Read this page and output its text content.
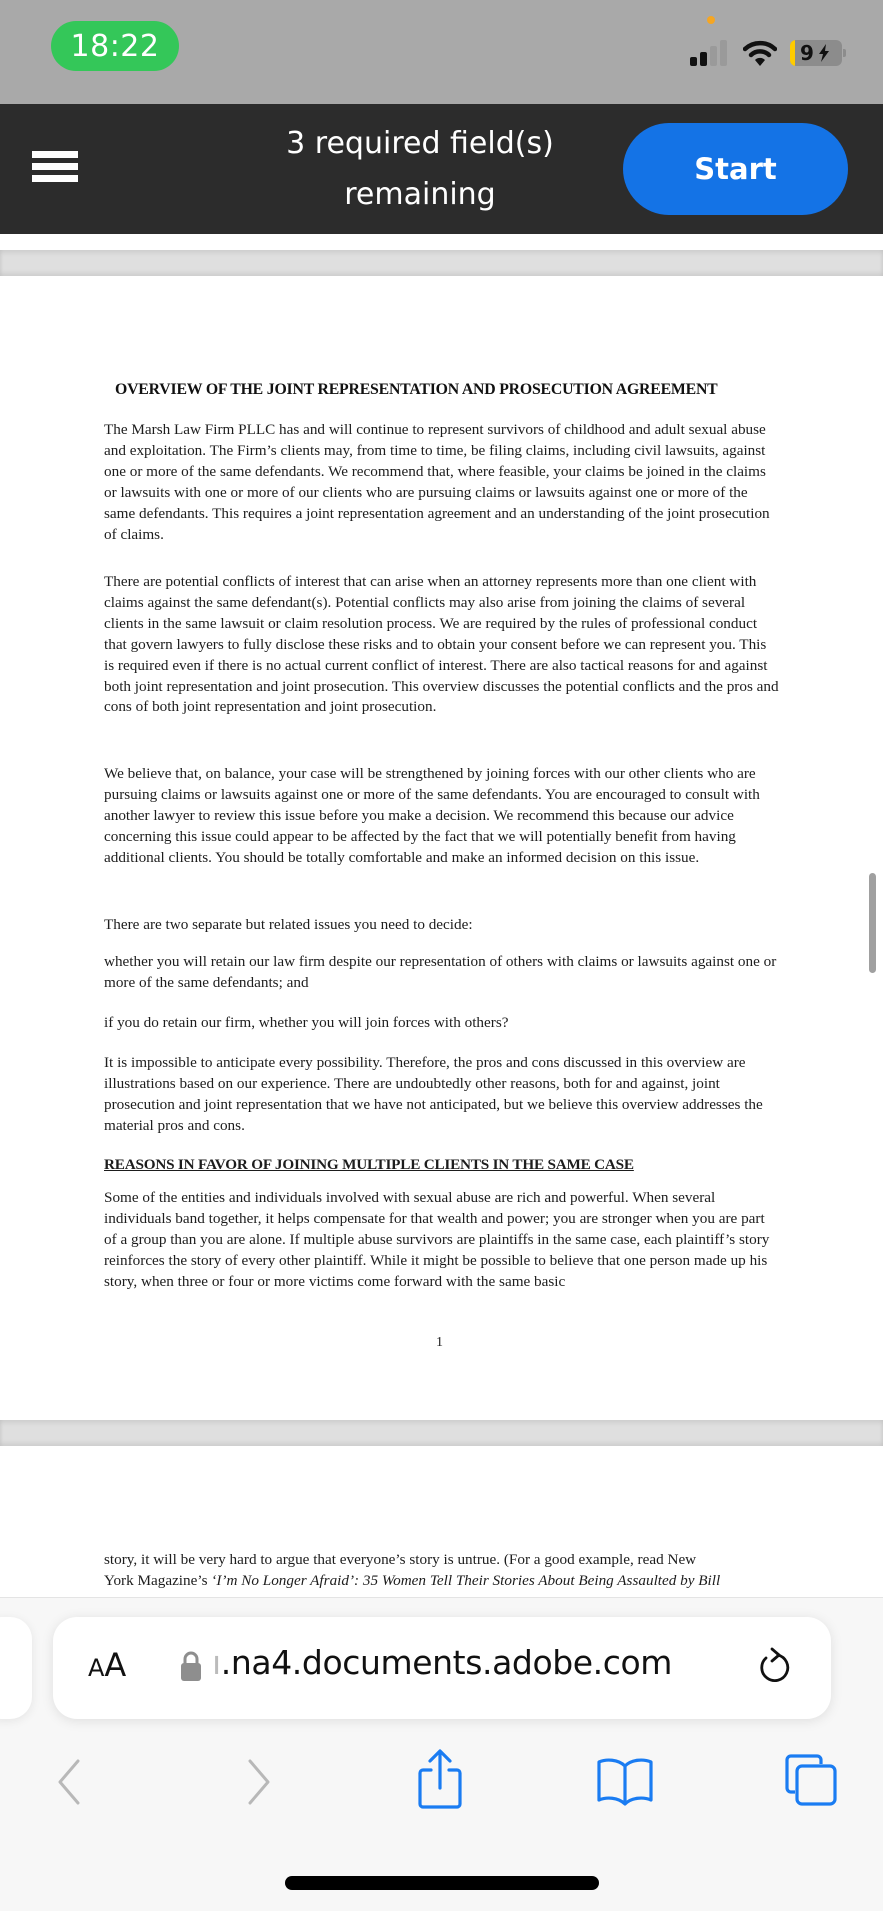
18:22	9
3 required field(s)
remaining
Start
OVERVIEW OF THE JOINT REPRESENTATION AND PROSECUTION AGREEMENT
The Marsh Law Firm PLLC has and will continue to represent survivors of childhood and adult sexual abuse and exploitation. The Firm’s clients may, from time to time, be filing claims, including civil lawsuits, against one or more of the same defendants. We recommend that, where feasible, your claims be joined in the claims or lawsuits with one or more of our clients who are pursuing claims or lawsuits against one or more of the same defendants. This requires a joint representation agreement and an understanding of the joint prosecution of claims.
There are potential conflicts of interest that can arise when an attorney represents more than one client with claims against the same defendant(s). Potential conflicts may also arise from joining the claims of several clients in the same lawsuit or claim resolution process. We are required by the rules of professional conduct that govern lawyers to fully disclose these risks and to obtain your consent before we can represent you. This is required even if there is no actual current conflict of interest. There are also tactical reasons for and against both joint representation and joint prosecution. This overview discusses the potential conflicts and the pros and cons of both joint representation and joint prosecution.
We believe that, on balance, your case will be strengthened by joining forces with our other clients who are pursuing claims or lawsuits against one or more of the same defendants. You are encouraged to consult with another lawyer to review this issue before you make a decision. We recommend this because our advice concerning this issue could appear to be affected by the fact that we will potentially benefit from having additional clients. You should be totally comfortable and make an informed decision on this issue.
There are two separate but related issues you need to decide:
whether you will retain our law firm despite our representation of others with claims or lawsuits against one or more of the same defendants; and
if you do retain our firm, whether you will join forces with others?
It is impossible to anticipate every possibility. Therefore, the pros and cons discussed in this overview are illustrations based on our experience. There are undoubtedly other reasons, both for and against, joint prosecution and joint representation that we have not anticipated, but we believe this overview addresses the material pros and cons.
REASONS IN FAVOR OF JOINING MULTIPLE CLIENTS IN THE SAME CASE
Some of the entities and individuals involved with sexual abuse are rich and powerful. When several individuals band together, it helps compensate for that wealth and power; you are stronger when you are part of a group than you are alone. If multiple abuse survivors are plaintiffs in the same case, each plaintiff’s story reinforces the story of every other plaintiff. While it might be possible to believe that one person made up his story, when three or four or more victims come forward with the same basic
1
story, it will be very hard to argue that everyone’s story is untrue. (For a good example, read New
York Magazine’s ‘I’m No Longer Afraid’: 35 Women Tell Their Stories About Being Assaulted by Bill
AA	ı.na4.documents.adobe.com
